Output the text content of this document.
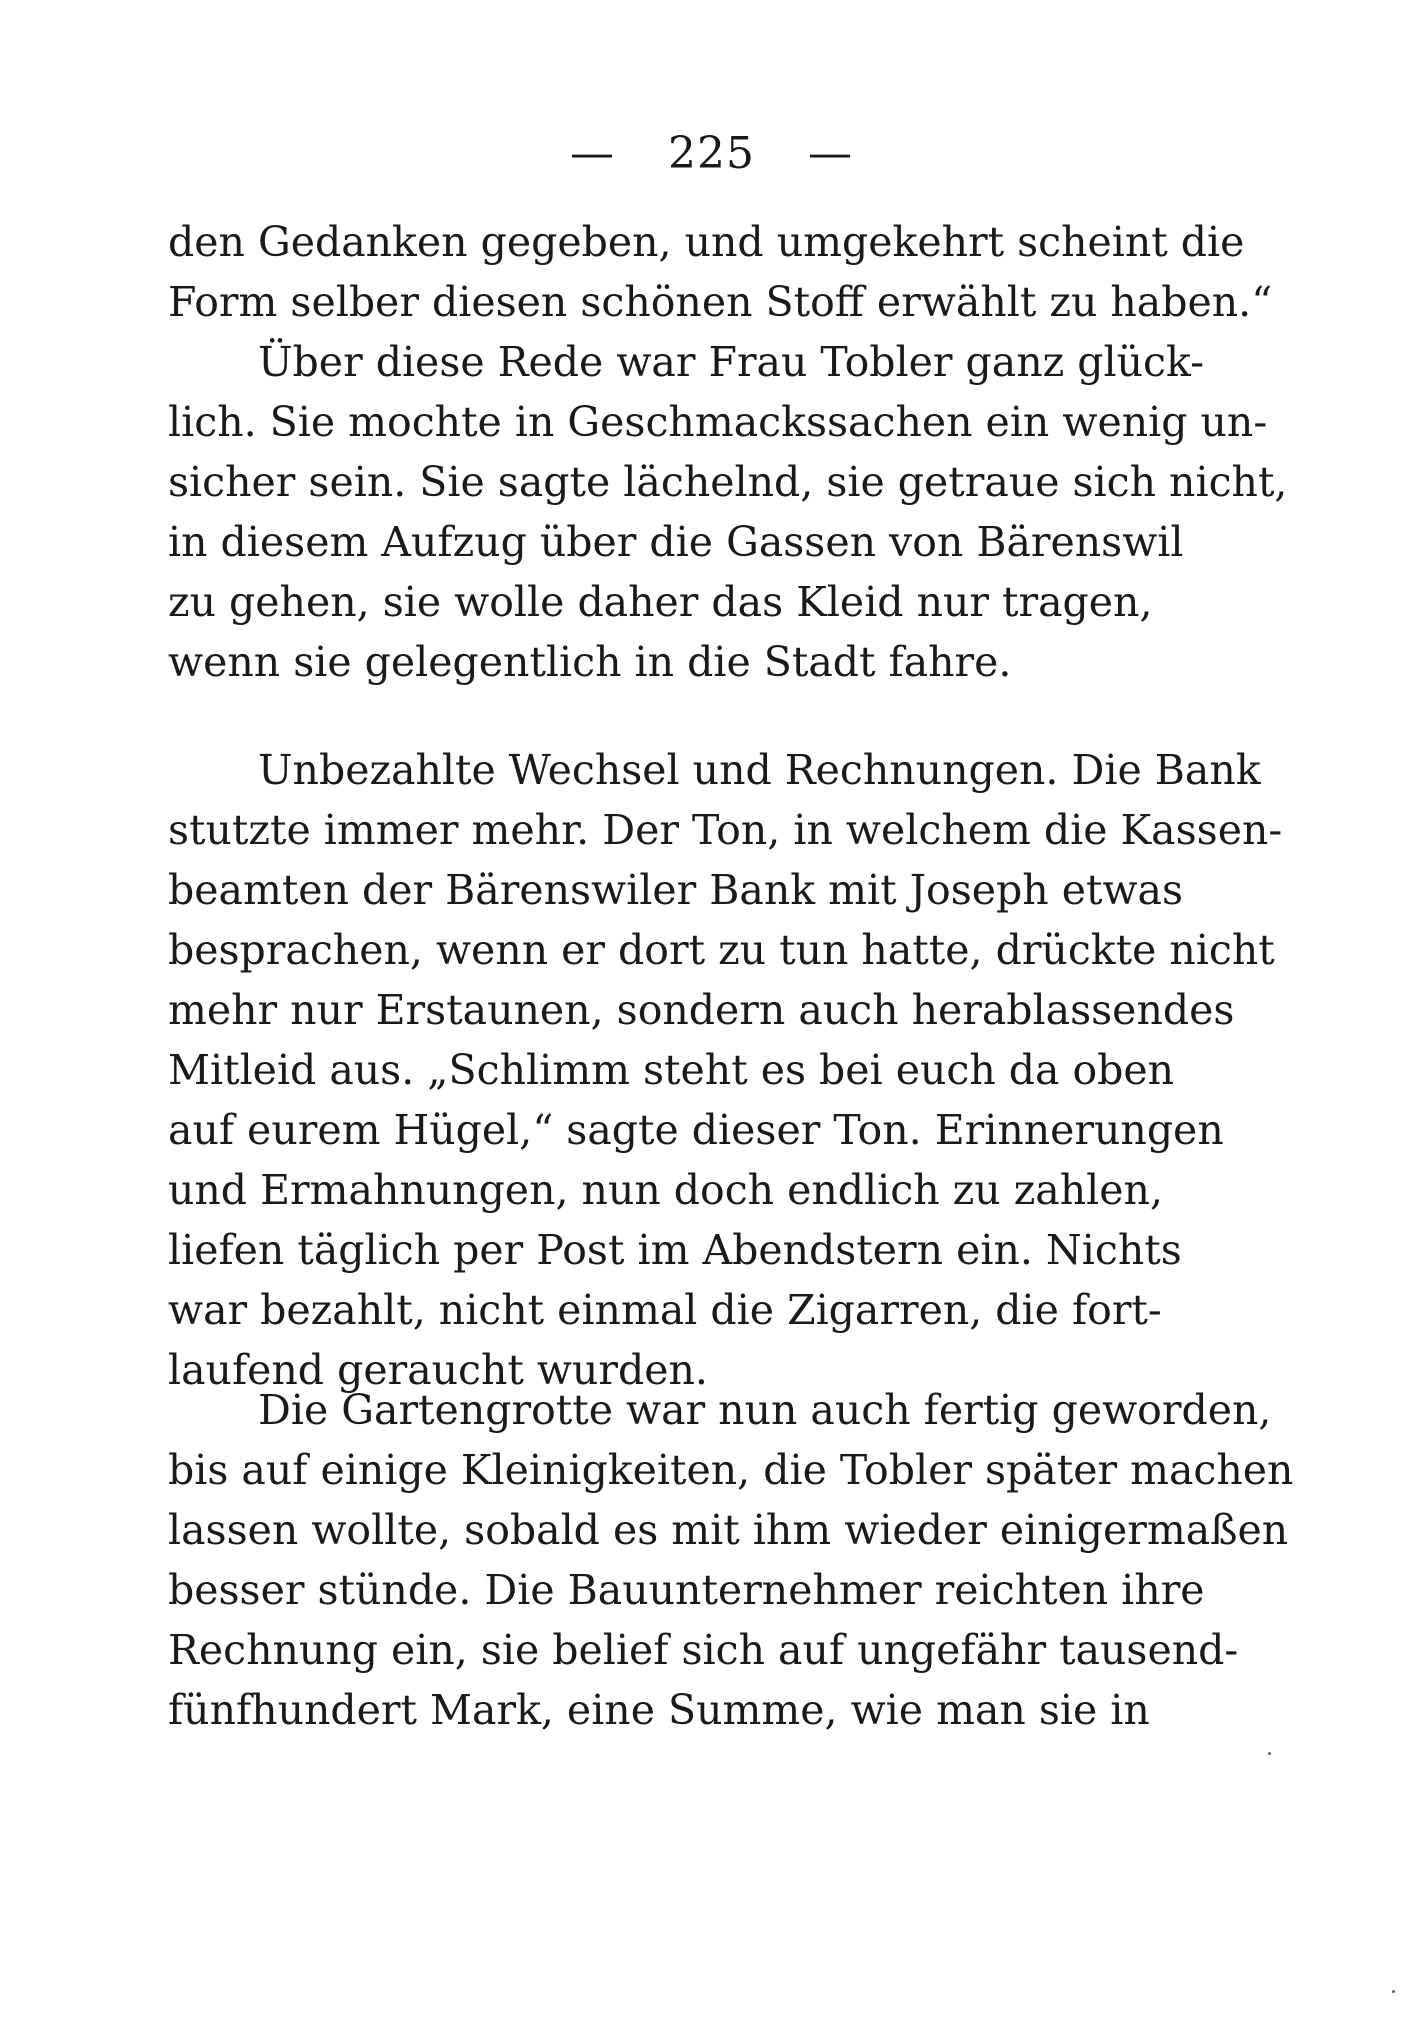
— 225 —
den Gedanken gegeben, und umgekehrt scheint die
Form selber diesen schönen Stoff erwählt zu haben.“
Über diese Rede war Frau Tobler ganz glück-
lich. Sie mochte in Geschmackssachen ein wenig un-
sicher sein. Sie sagte lächelnd, sie getraue sich nicht,
in diesem Aufzug über die Gassen von Bärenswil
zu gehen, sie wolle daher das Kleid nur tragen,
wenn sie gelegentlich in die Stadt fahre.
Unbezahlte Wechsel und Rechnungen. Die Bank
stutzte immer mehr. Der Ton, in welchem die Kassen-
beamten der Bärenswiler Bank mit Joseph etwas
besprachen, wenn er dort zu tun hatte, drückte nicht
mehr nur Erstaunen, sondern auch herablassendes
Mitleid aus. „Schlimm steht es bei euch da oben
auf eurem Hügel,“ sagte dieser Ton. Erinnerungen
und Ermahnungen, nun doch endlich zu zahlen,
liefen täglich per Post im Abendstern ein. Nichts
war bezahlt, nicht einmal die Zigarren, die fort-
laufend geraucht wurden.
Die Gartengrotte war nun auch fertig geworden,
bis auf einige Kleinigkeiten, die Tobler später machen
lassen wollte, sobald es mit ihm wieder einigermaßen
besser stünde. Die Bauunternehmer reichten ihre
Rechnung ein, sie belief sich auf ungefähr tausend-
fünfhundert Mark, eine Summe, wie man sie in
